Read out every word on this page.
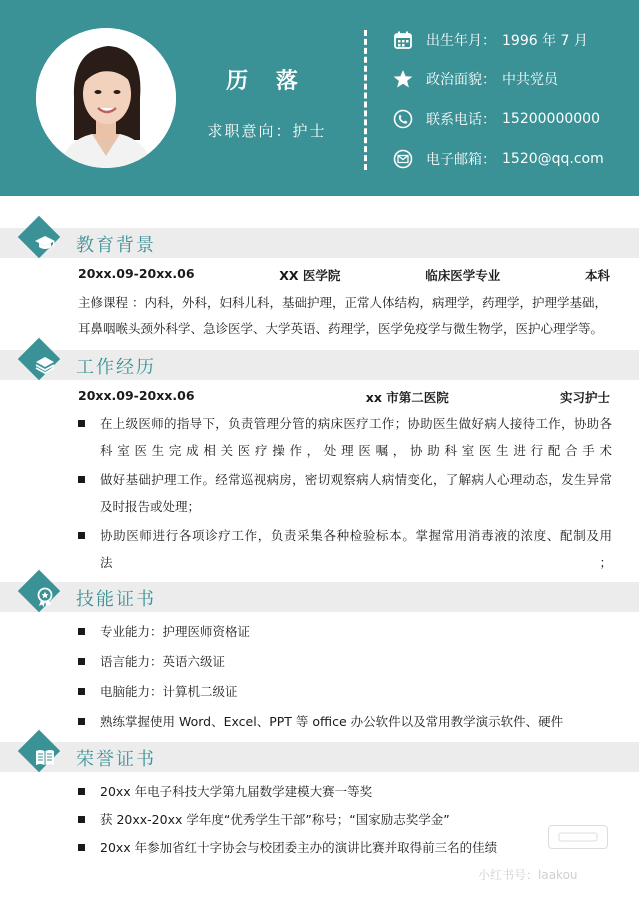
历 落
求职意向：护士
出生年月： 1996 年 7 月
政治面貌： 中共党员
联系电话： 15200000000
电子邮箱： 1520@qq.com
教育背景
20xx.09-20xx.06	XX 医学院	临床医学专业	本科
主修课程 ：内科，外科，妇科儿科，基础护理，正常人体结构，病理学，药理学，护理学基础，
耳鼻咽喉头颈外科学、急诊医学、大学英语、药理学，医学免疫学与微生物学，医护心理学等。
工作经历
20xx.09-20xx.06	xx 市第二医院	实习护士
在上级医师的指导下，负责管理分管的病床医疗工作；协助医生做好病人接待工作，协助各
科室医生完成相关医疗操作，处理医嘱，协助科室医生进行配合手术
做好基础护理工作。经常巡视病房，密切观察病人病情变化，了解病人心理动态，发生异常
及时报告或处理；
协助医师进行各项诊疗工作，负责采集各种检验标本。掌握常用消毒液的浓度、配制及用法；
技能证书
专业能力：护理医师资格证
语言能力：英语六级证
电脑能力：计算机二级证
熟练掌握使用 Word、Excel、PPT 等 office 办公软件以及常用教学演示软件、硬件
荣誉证书
20xx 年电子科技大学第九届数学建模大赛一等奖
获 20xx-20xx 学年度“优秀学生干部”称号；“国家励志奖学金”
20xx 年参加省红十字协会与校团委主办的演讲比赛并取得前三名的佳绩
小红书号：laakou
